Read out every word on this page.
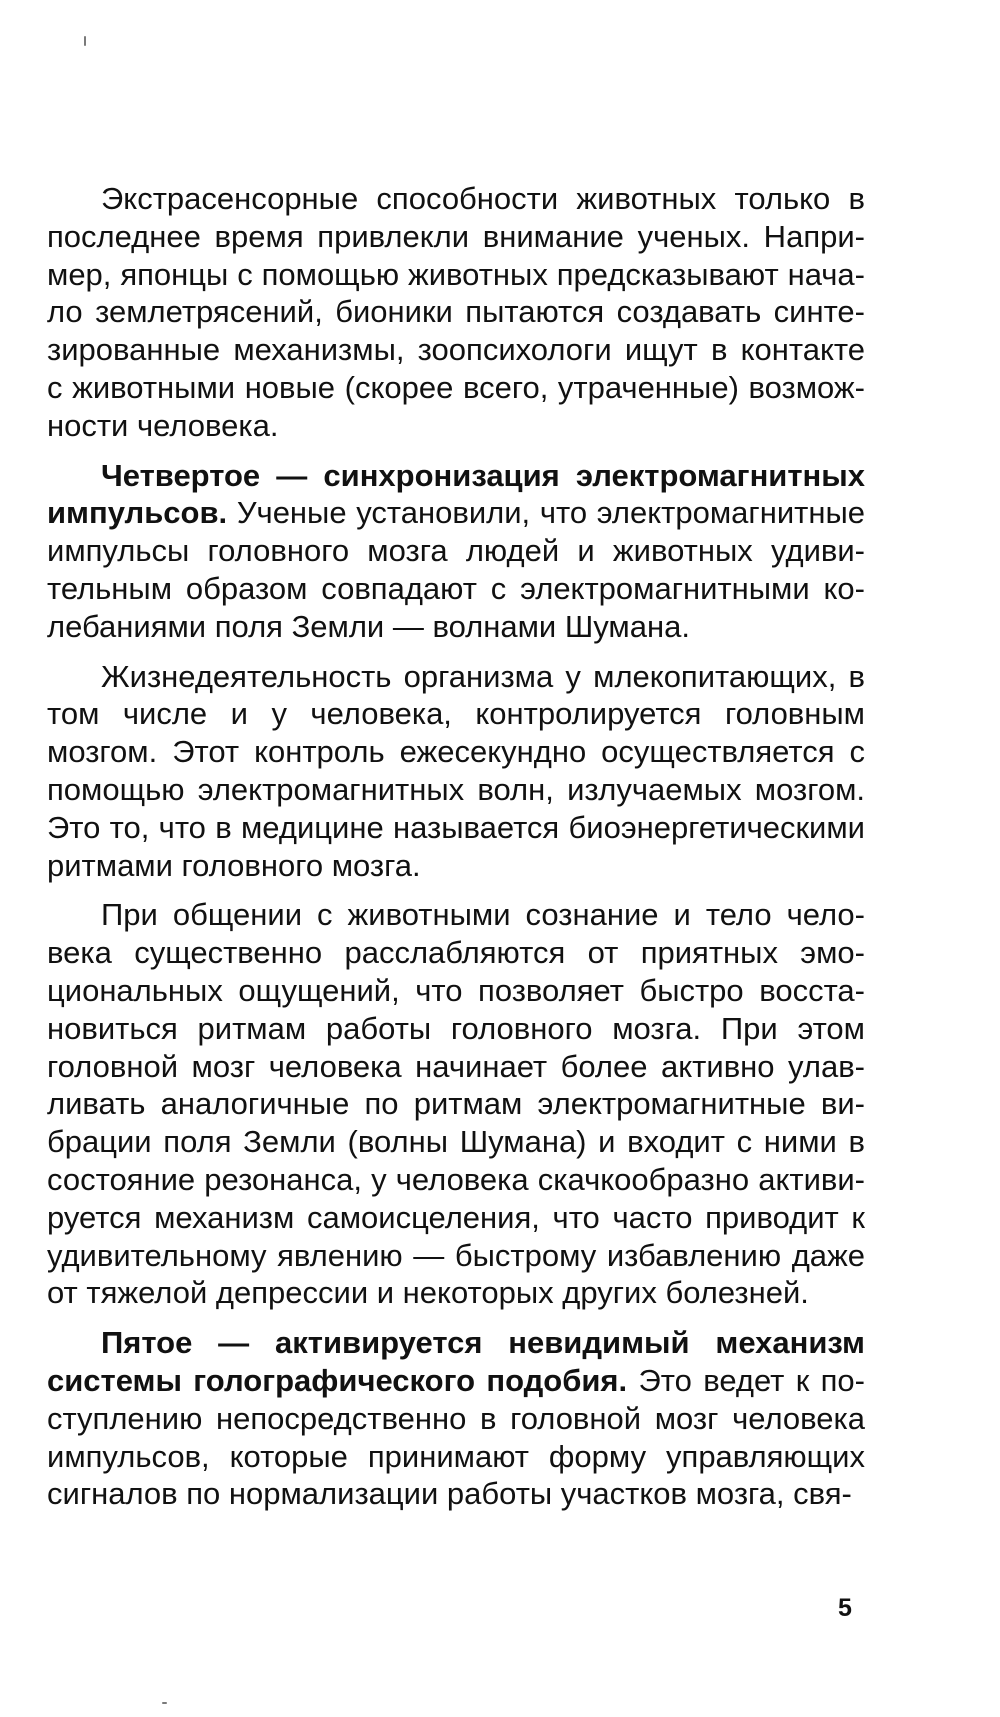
Экстрасенсорные способности животных только в последнее время привлекли внимание ученых. Например, японцы с помощью животных предсказывают начало землетрясений, бионики пытаются создавать синтезированные механизмы, зоопсихологи ищут в контакте с животными новые (скорее всего, утраченные) возможности человека.

Четвертое — синхронизация электромагнитных импульсов. Ученые установили, что электромагнитные импульсы головного мозга людей и животных удивительным образом совпадают с электромагнитными колебаниями поля Земли — волнами Шумана.

Жизнедеятельность организма у млекопитающих, в том числе и у человека, контролируется головным мозгом. Этот контроль ежесекундно осуществляется с помощью электромагнитных волн, излучаемых мозгом. Это то, что в медицине называется биоэнергетическими ритмами головного мозга.

При общении с животными сознание и тело человека существенно расслабляются от приятных эмоциональных ощущений, что позволяет быстро восстановиться ритмам работы головного мозга. При этом головной мозг человека начинает более активно улавливать аналогичные по ритмам электромагнитные вибрации поля Земли (волны Шумана) и входит с ними в состояние резонанса, у человека скачкообразно активируется механизм самоисцеления, что часто приводит к удивительному явлению — быстрому избавлению даже от тяжелой депрессии и некоторых других болезней.

Пятое — активируется невидимый механизм системы голографического подобия. Это ведет к поступлению непосредственно в головной мозг человека импульсов, которые принимают форму управляющих сигналов по нормализации работы участков мозга, свя-

5
